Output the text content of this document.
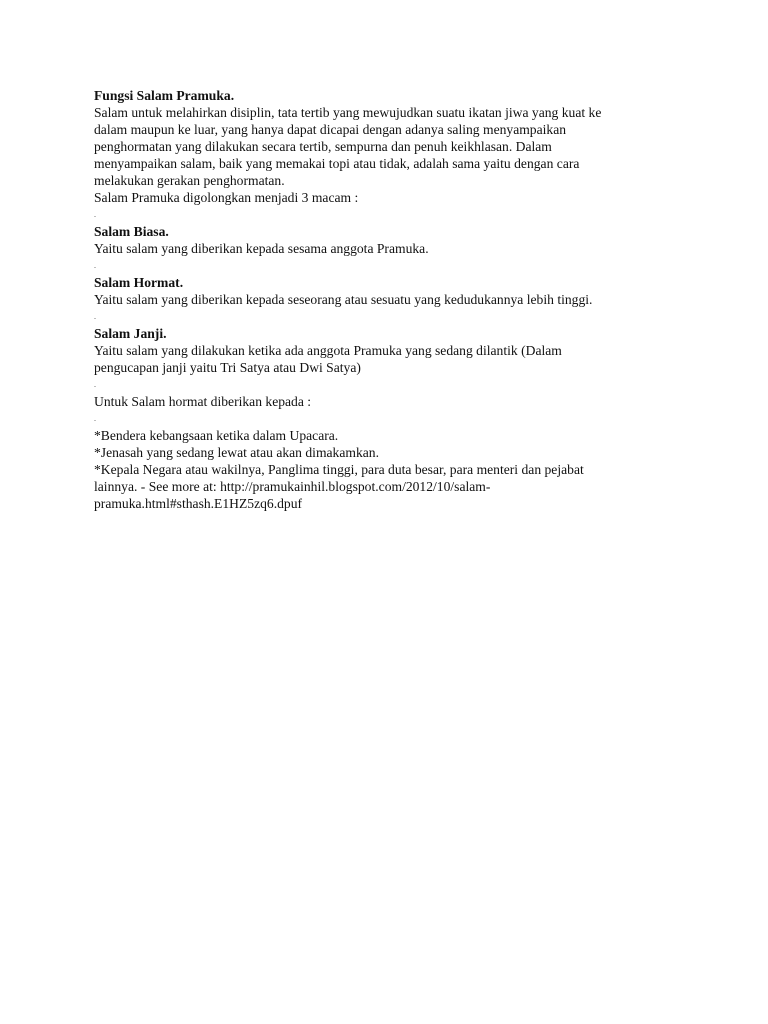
Fungsi Salam Pramuka.
Salam untuk melahirkan disiplin, tata tertib yang mewujudkan suatu ikatan jiwa yang kuat ke
dalam maupun ke luar, yang hanya dapat dicapai dengan adanya saling menyampaikan
penghormatan yang dilakukan secara tertib, sempurna dan penuh keikhlasan. Dalam
menyampaikan salam, baik yang memakai topi atau tidak, adalah sama yaitu dengan cara
melakukan gerakan penghormatan.
Salam Pramuka digolongkan menjadi 3 macam :
.
Salam Biasa.
Yaitu salam yang diberikan kepada sesama anggota Pramuka.
.
Salam Hormat.
Yaitu salam yang diberikan kepada seseorang atau sesuatu yang kedudukannya lebih tinggi.
.
Salam Janji.
Yaitu salam yang dilakukan ketika ada anggota Pramuka yang sedang dilantik (Dalam
pengucapan janji yaitu Tri Satya atau Dwi Satya)
.
Untuk Salam hormat diberikan kepada :
.
*Bendera kebangsaan ketika dalam Upacara.
*Jenasah yang sedang lewat atau akan dimakamkan.
*Kepala Negara atau wakilnya, Panglima tinggi, para duta besar, para menteri dan pejabat
lainnya. - See more at: http://pramukainhil.blogspot.com/2012/10/salam-
pramuka.html#sthash.E1HZ5zq6.dpuf
